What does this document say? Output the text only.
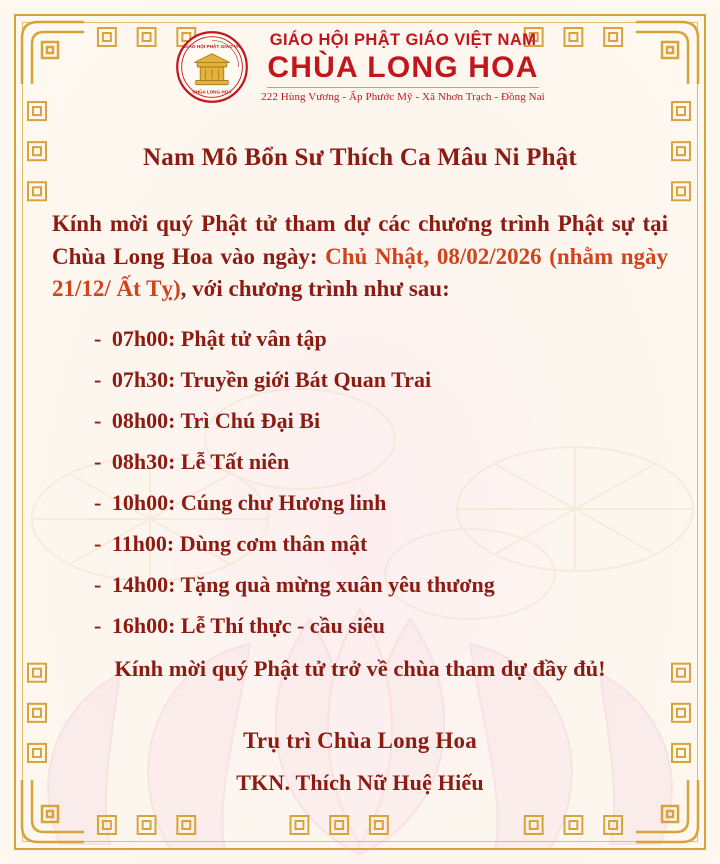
GIÁO HỘI PHẬT GIÁO VN
CHÙA LONG HOA
GIÁO HỘI PHẬT GIÁO VIỆT NAM
CHÙA LONG HOA
222 Hùng Vương - Ấp Phước Mỹ - Xã Nhơn Trạch - Đồng Nai
Nam Mô Bổn Sư Thích Ca Mâu Ni Phật
Kính mời quý Phật tử tham dự các chương trình Phật sự tại Chùa Long Hoa vào ngày: Chủ Nhật, 08/02/2026 (nhằm ngày 21/12/ Ất Tỵ), với chương trình như sau:
- 07h00: Phật tử vân tập
- 07h30: Truyền giới Bát Quan Trai
- 08h00: Trì Chú Đại Bi
- 08h30: Lễ Tất niên
- 10h00: Cúng chư Hương linh
- 11h00: Dùng cơm thân mật
- 14h00: Tặng quà mừng xuân yêu thương
- 16h00: Lễ Thí thực - cầu siêu
Kính mời quý Phật tử trở về chùa tham dự đầy đủ!
Trụ trì Chùa Long Hoa
TKN. Thích Nữ Huệ Hiếu
